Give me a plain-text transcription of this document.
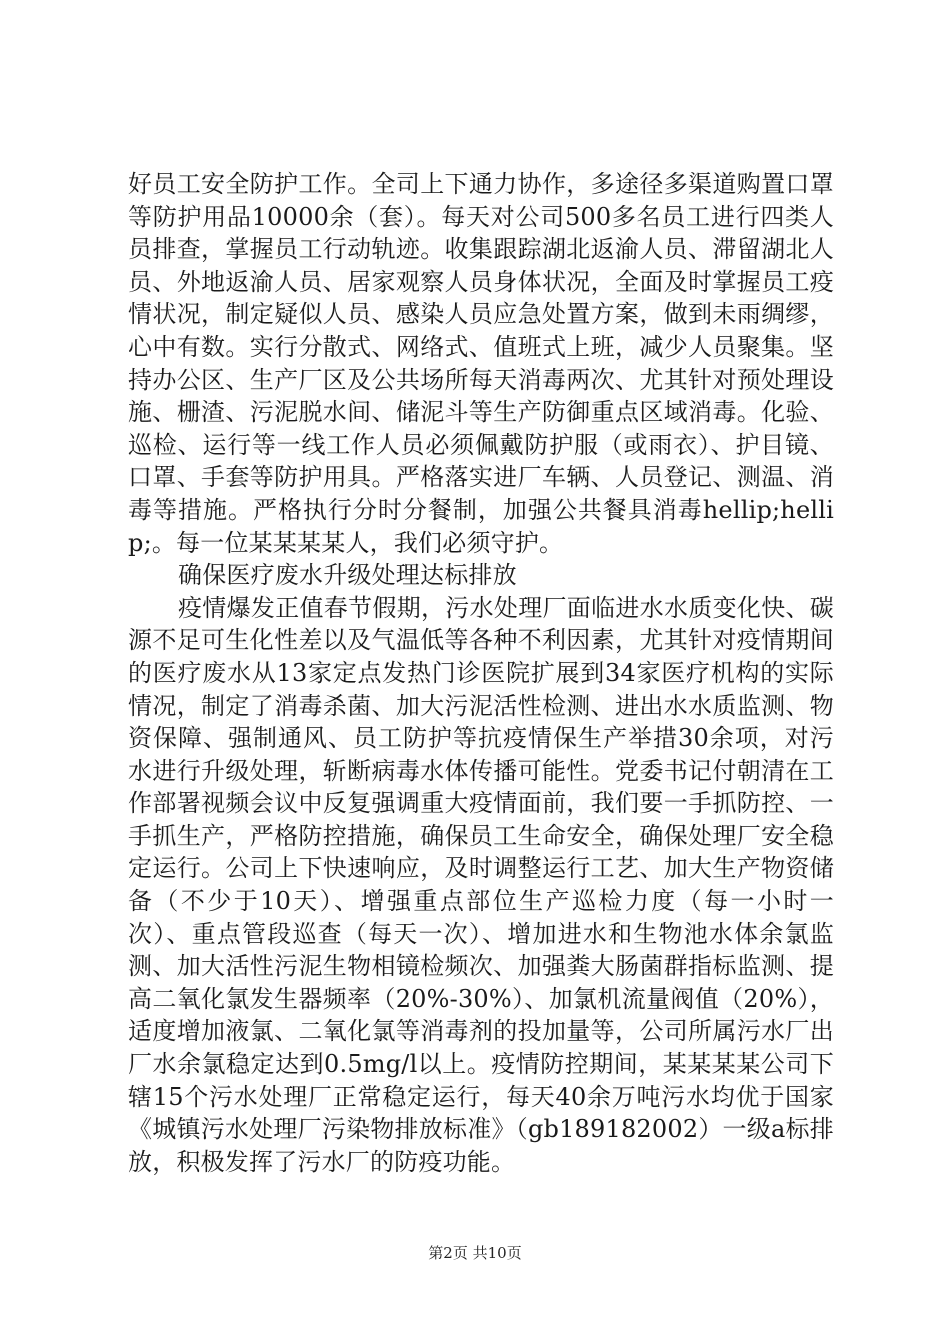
好员工安全防护工作。全司上下通力协作，多途径多渠道购置口罩等防护用品10000余（套）。每天对公司500多名员工进行四类人员排查，掌握员工行动轨迹。收集跟踪湖北返渝人员、滞留湖北人员、外地返渝人员、居家观察人员身体状况，全面及时掌握员工疫情状况，制定疑似人员、感染人员应急处置方案，做到未雨绸缪，心中有数。实行分散式、网络式、值班式上班，减少人员聚集。坚持办公区、生产厂区及公共场所每天消毒两次、尤其针对预处理设施、栅渣、污泥脱水间、储泥斗等生产防御重点区域消毒。化验、巡检、运行等一线工作人员必须佩戴防护服（或雨衣）、护目镜、口罩、手套等防护用具。严格落实进厂车辆、人员登记、测温、消毒等措施。严格执行分时分餐制，加强公共餐具消毒hellip;hellip;。每一位某某某某人，我们必须守护。

确保医疗废水升级处理达标排放

疫情爆发正值春节假期，污水处理厂面临进水水质变化快、碳源不足可生化性差以及气温低等各种不利因素，尤其针对疫情期间的医疗废水从13家定点发热门诊医院扩展到34家医疗机构的实际情况，制定了消毒杀菌、加大污泥活性检测、进出水水质监测、物资保障、强制通风、员工防护等抗疫情保生产举措30余项，对污水进行升级处理，斩断病毒水体传播可能性。党委书记付朝清在工作部署视频会议中反复强调重大疫情面前，我们要一手抓防控、一手抓生产，严格防控措施，确保员工生命安全，确保处理厂安全稳定运行。公司上下快速响应，及时调整运行工艺、加大生产物资储备（不少于10天）、增强重点部位生产巡检力度（每一小时一次）、重点管段巡查（每天一次）、增加进水和生物池水体余氯监测、加大活性污泥生物相镜检频次、加强粪大肠菌群指标监测、提高二氧化氯发生器频率（20%-30%）、加氯机流量阀值（20%），适度增加液氯、二氧化氯等消毒剂的投加量等，公司所属污水厂出厂水余氯稳定达到0.5mg/l以上。疫情防控期间，某某某某公司下辖15个污水处理厂正常稳定运行，每天40余万吨污水均优于国家《城镇污水处理厂污染物排放标准》（gb189182002）一级a标排放，积极发挥了污水厂的防疫功能。

第2页 共10页
